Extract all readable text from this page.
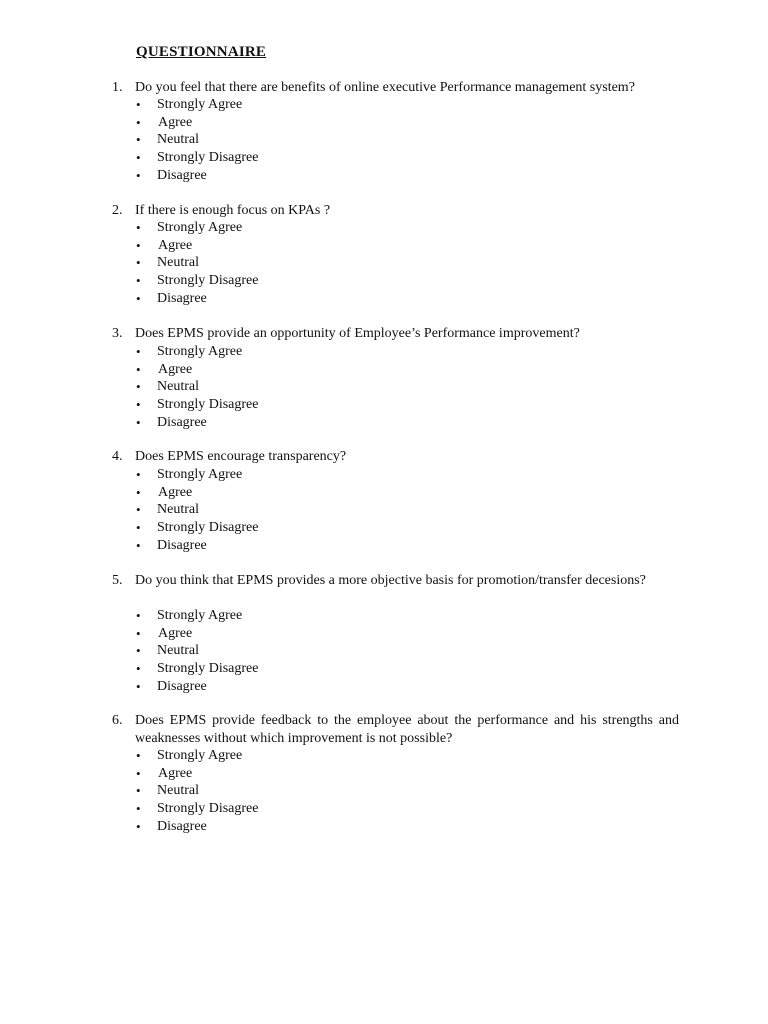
QUESTIONNAIRE
1. Do you feel that there are benefits of online executive Performance management system?
• Strongly Agree
• Agree
• Neutral
• Strongly Disagree
• Disagree
2. If there is enough focus on KPAs ?
• Strongly Agree
• Agree
• Neutral
• Strongly Disagree
• Disagree
3. Does EPMS provide an opportunity of Employee’s Performance improvement?
• Strongly Agree
• Agree
• Neutral
• Strongly Disagree
• Disagree
4. Does EPMS encourage transparency?
• Strongly Agree
• Agree
• Neutral
• Strongly Disagree
• Disagree
5. Do you think that EPMS provides a more objective basis for promotion/transfer decesions?
• Strongly Agree
• Agree
• Neutral
• Strongly Disagree
• Disagree
6. Does EPMS provide feedback to the employee about the performance and his strengths and weaknesses without which improvement is not possible?
• Strongly Agree
• Agree
• Neutral
• Strongly Disagree
• Disagree
